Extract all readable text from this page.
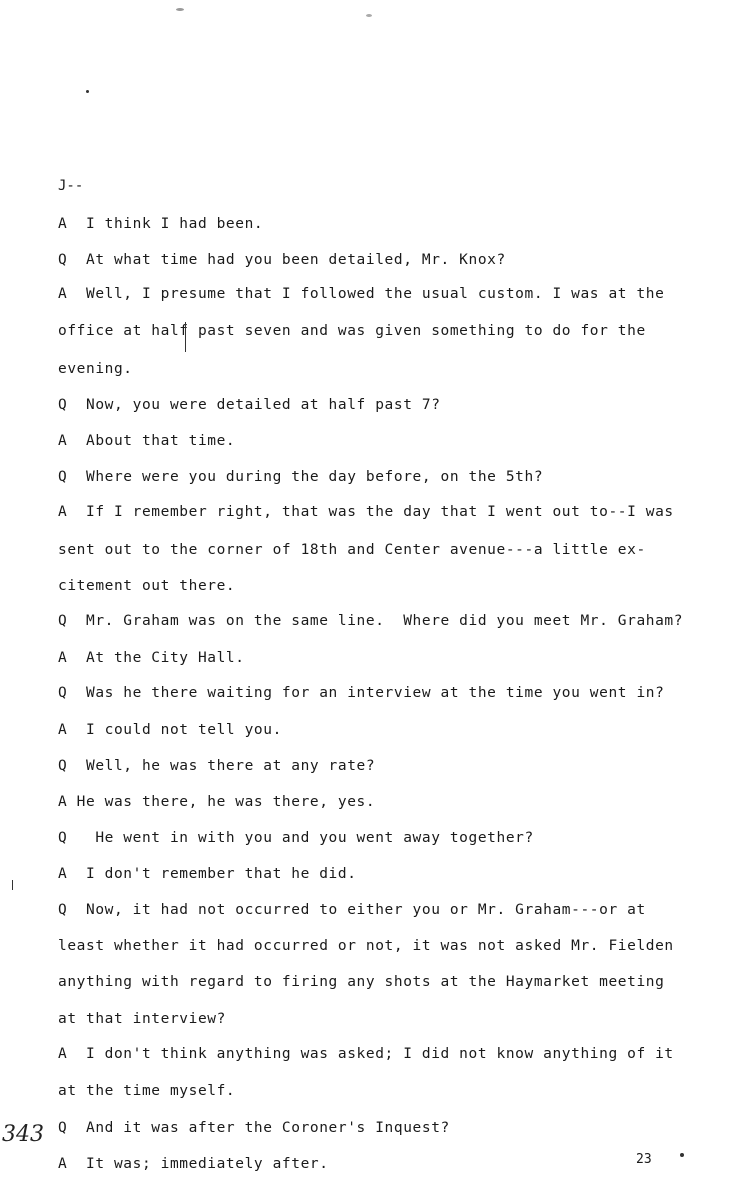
J--
A  I think I had been.
Q  At what time had you been detailed, Mr. Knox?
A  Well, I presume that I followed the usual custom. I was at the
office at half past seven and was given something to do for the
evening.
Q  Now, you were detailed at half past 7?
A  About that time.
Q  Where were you during the day before, on the 5th?
A  If I remember right, that was the day that I went out to--I was
sent out to the corner of 18th and Center avenue---a little ex-
citement out there.
Q  Mr. Graham was on the same line.  Where did you meet Mr. Graham?
A  At the City Hall.
Q  Was he there waiting for an interview at the time you went in?
A  I could not tell you.
Q  Well, he was there at any rate?
A He was there, he was there, yes.
Q   He went in with you and you went away together?
A  I don't remember that he did.
Q  Now, it had not occurred to either you or Mr. Graham---or at
least whether it had occurred or not, it was not asked Mr. Fielden
anything with regard to firing any shots at the Haymarket meeting
at that interview?
A  I don't think anything was asked; I did not know anything of it
at the time myself.
Q  And it was after the Coroner's Inquest?
A  It was; immediately after.
343
23
